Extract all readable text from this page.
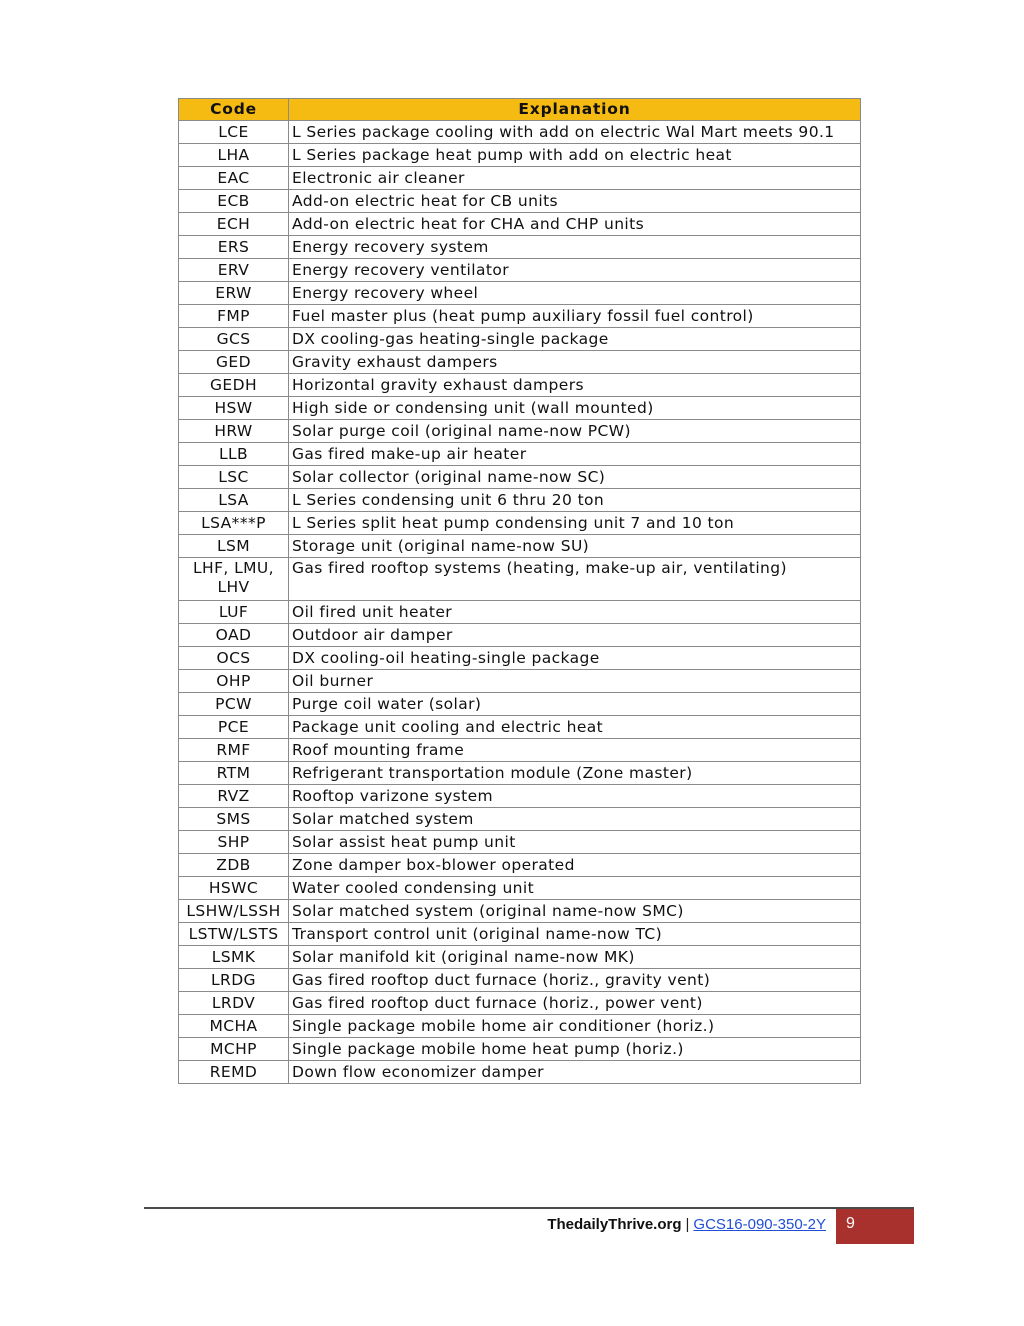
Code	Explanation
LCE	L Series package cooling with add on electric Wal Mart meets 90.1
LHA	L Series package heat pump with add on electric heat
EAC	Electronic air cleaner
ECB	Add-on electric heat for CB units
ECH	Add-on electric heat for CHA and CHP units
ERS	Energy recovery system
ERV	Energy recovery ventilator
ERW	Energy recovery wheel
FMP	Fuel master plus (heat pump auxiliary fossil fuel control)
GCS	DX cooling-gas heating-single package
GED	Gravity exhaust dampers
GEDH	Horizontal gravity exhaust dampers
HSW	High side or condensing unit (wall mounted)
HRW	Solar purge coil (original name-now PCW)
LLB	Gas fired make-up air heater
LSC	Solar collector (original name-now SC)
LSA	L Series condensing unit 6 thru 20 ton
LSA***P	L Series split heat pump condensing unit 7 and 10 ton
LSM	Storage unit (original name-now SU)
LHF, LMU, LHV	Gas fired rooftop systems (heating, make-up air, ventilating)
LUF	Oil fired unit heater
OAD	Outdoor air damper
OCS	DX cooling-oil heating-single package
OHP	Oil burner
PCW	Purge coil water (solar)
PCE	Package unit cooling and electric heat
RMF	Roof mounting frame
RTM	Refrigerant transportation module (Zone master)
RVZ	Rooftop varizone system
SMS	Solar matched system
SHP	Solar assist heat pump unit
ZDB	Zone damper box-blower operated
HSWC	Water cooled condensing unit
LSHW/LSSH	Solar matched system (original name-now SMC)
LSTW/LSTS	Transport control unit (original name-now TC)
LSMK	Solar manifold kit (original name-now MK)
LRDG	Gas fired rooftop duct furnace (horiz., gravity vent)
LRDV	Gas fired rooftop duct furnace (horiz., power vent)
MCHA	Single package mobile home air conditioner (horiz.)
MCHP	Single package mobile home heat pump (horiz.)
REMD	Down flow economizer damper
ThedailyThrive.org | GCS16-090-350-2Y	9
